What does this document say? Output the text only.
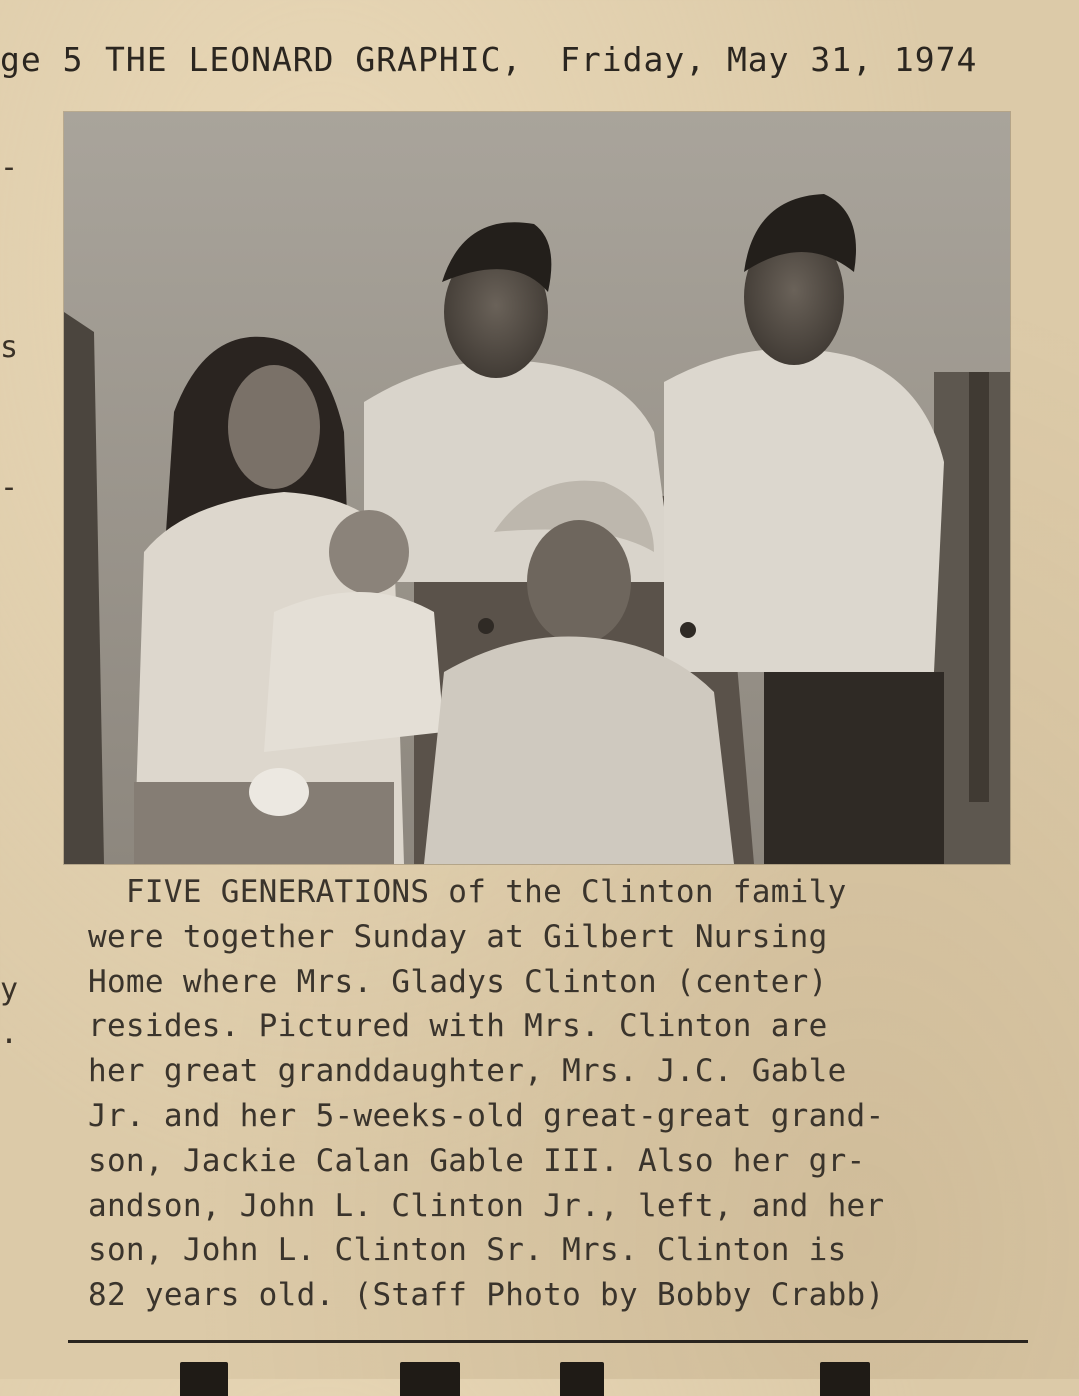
ge 5 THE LEONARD GRAPHIC, Friday, May 31, 1974
-
s
-
y
.
FIVE GENERATIONS of the Clinton family
were together Sunday at Gilbert Nursing
Home where Mrs. Gladys Clinton (center)
resides. Pictured with Mrs. Clinton are
her great granddaughter, Mrs. J.C. Gable
Jr. and her 5-weeks-old great-great grand-
son, Jackie Calan Gable III. Also her gr-
andson, John L. Clinton Jr., left, and her
son, John L. Clinton Sr. Mrs. Clinton is
82 years old. (Staff Photo by Bobby Crabb)
